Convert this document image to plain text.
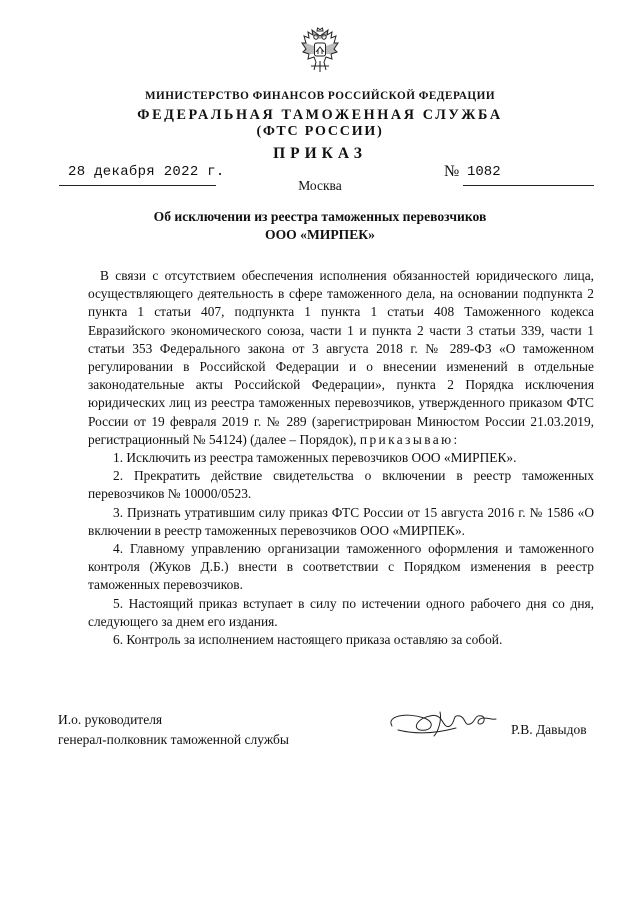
МИНИСТЕРСТВО ФИНАНСОВ РОССИЙСКОЙ ФЕДЕРАЦИИ
ФЕДЕРАЛЬНАЯ ТАМОЖЕННАЯ СЛУЖБА
(ФТС РОССИИ)
ПРИКАЗ
28 декабря 2022 г.	№ 1082
Москва
Об исключении из реестра таможенных перевозчиков
ООО «МИРПЕК»

В связи с отсутствием обеспечения исполнения обязанностей юридического лица, осуществляющего деятельность в сфере таможенного дела, на основании подпункта 2 пункта 1 статьи 407, подпункта 1 пункта 1 статьи 408 Таможенного кодекса Евразийского экономического союза, части 1 и пункта 2 части 3 статьи 339, части 1 статьи 353 Федерального закона от 3 августа 2018 г. № 289-ФЗ «О таможенном регулировании в Российской Федерации и о внесении изменений в отдельные законодательные акты Российской Федерации», пункта 2 Порядка исключения юридических лиц из реестра таможенных перевозчиков, утвержденного приказом ФТС России от 19 февраля 2019 г. № 289 (зарегистрирован Минюстом России 21.03.2019, регистрационный № 54124) (далее – Порядок), приказываю:

1. Исключить из реестра таможенных перевозчиков ООО «МИРПЕК».

2. Прекратить действие свидетельства о включении в реестр таможенных перевозчиков № 10000/0523.

3. Признать утратившим силу приказ ФТС России от 15 августа 2016 г. № 1586 «О включении в реестр таможенных перевозчиков ООО «МИРПЕК».

4. Главному управлению организации таможенного оформления и таможенного контроля (Жуков Д.Б.) внести в соответствии с Порядком изменения в реестр таможенных перевозчиков.

5. Настоящий приказ вступает в силу по истечении одного рабочего дня со дня, следующего за днем его издания.

6. Контроль за исполнением настоящего приказа оставляю за собой.

И.о. руководителя
генерал-полковник таможенной службы
Р.В. Давыдов
